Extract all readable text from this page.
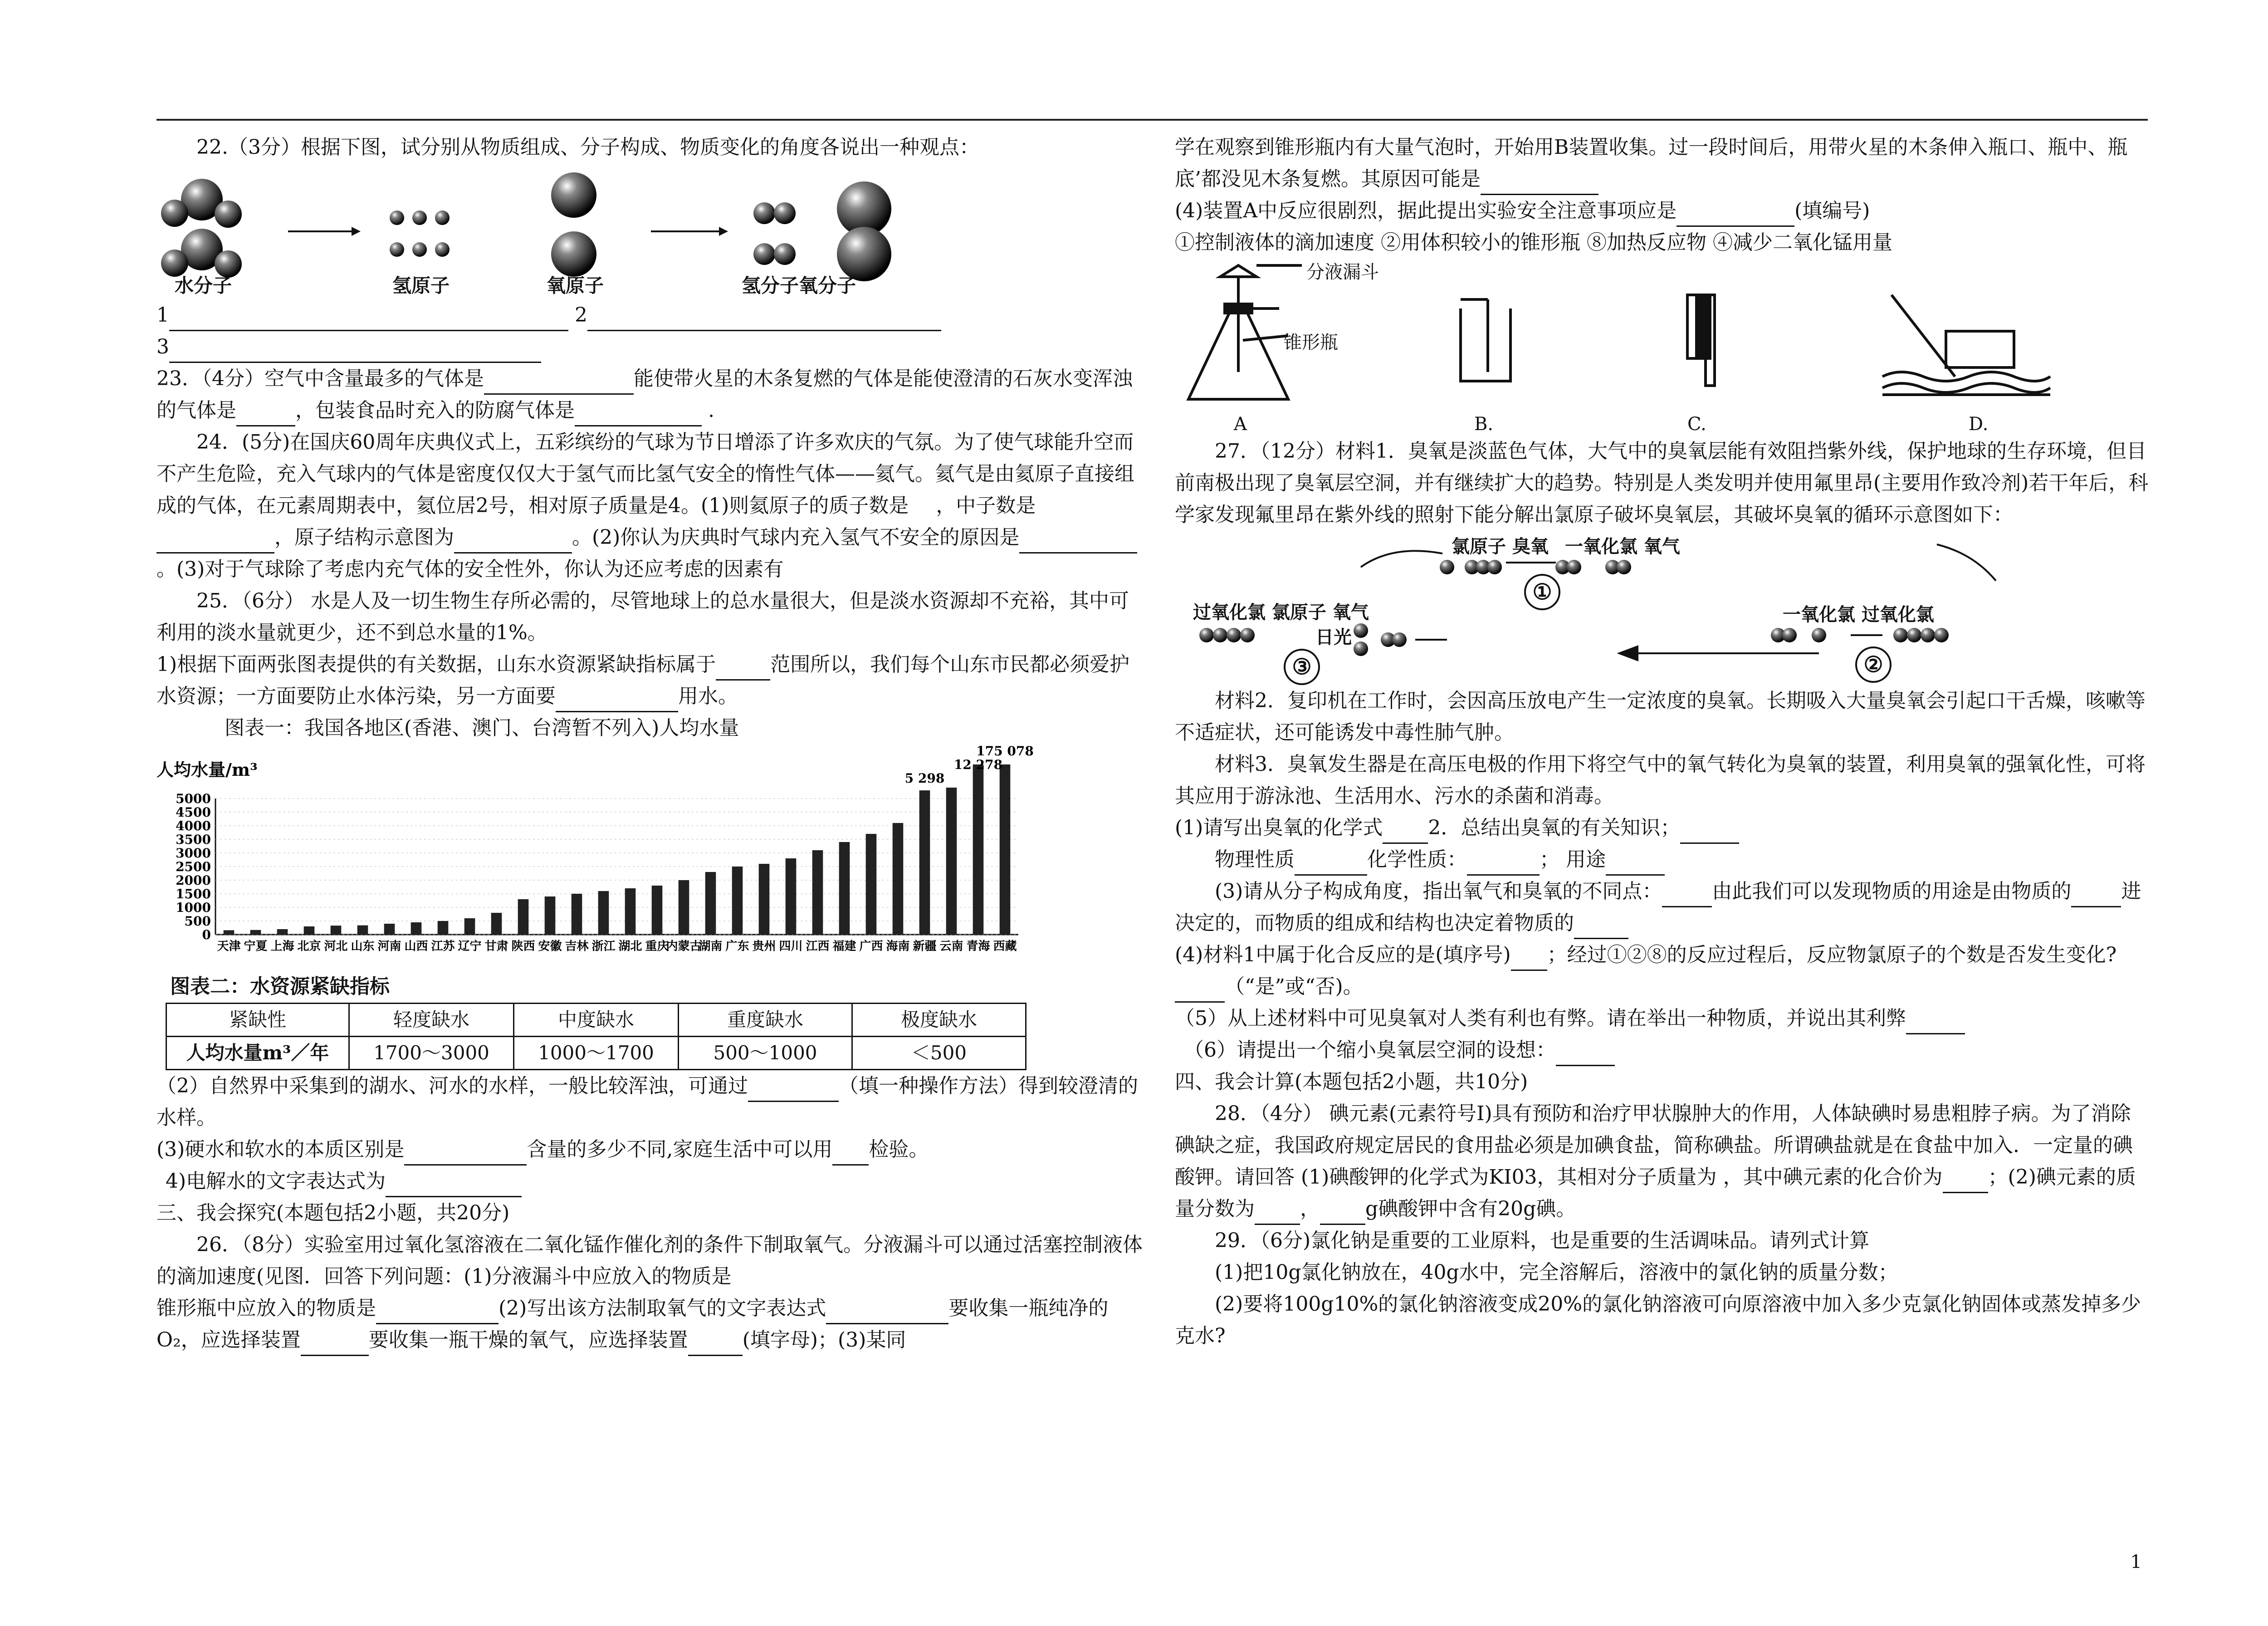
22.（3分）根据下图，试分别从物质组成、分子构成、物质变化的角度各说出一种观点：

水分子	氢原子	氧原子	氢分子氧分子

1	2

3

23．（4分）空气中含量最多的气体是	能使带火星的木条复燃的气体是能使澄清的石灰水变浑浊的气体是	，包装食品时充入的防腐气体是	.

24．(5分)在国庆60周年庆典仪式上，五彩缤纷的气球为节日增添了许多欢庆的气氛。为了使气球能升空而不产生危险，充入气球内的气体是密度仅仅大于氢气而比氢气安全的惰性气体——氦气。氦气是由氦原子直接组成的气体，在元素周期表中，氦位居2号，相对原子质量是4。(1)则氦原子的质子数是 ，中子数是，原子结构示意图为	。(2)你认为庆典时气球内充入氢气不安全的原因是。(3)对于气球除了考虑内充气体的安全性外，你认为还应考虑的因素有

25．（6分） 水是人及一切生物生存所必需的，尽管地球上的总水量很大，但是淡水资源却不充裕，其中可利用的淡水量就更少，还不到总水量的1%。

1)根据下面两张图表提供的有关数据，山东水资源紧缺指标属于	范围所以，我们每个山东市民都必须爱护水资源；一方面要防止水体污染，另一方面要	用水。

图表一：我国各地区(香港、澳门、台湾暂不列入)人均水量

人均水量/m³
0
500
1000
1500
2000
2500
3000
3500
4000
4500
5000
天津 宁夏 上海 北京 河北 山东 河南 山西 江苏 辽宁 甘肃 陕西 安徽 吉林 浙江 湖北 重庆
内蒙古
湖南 广东 贵州 四川 江西 福建 广西 海南 新疆 云南 青海 西藏
175 078
12 278
5 298

图表二：水资源紧缺指标

紧缺性	轻度缺水	中度缺水	重度缺水	极度缺水
人均水量m³／年	1700～3000	1000～1700	500～1000	＜500

（2）自然界中采集到的湖水、河水的水样，一般比较浑浊，可通过	（填一种操作方法）得到较澄清的水样。

(3)硬水和软水的本质区别是	含量的多少不同,家庭生活中可以用 检验。

4)电解水的文字表达式为

三、我会探究(本题包括2小题，共20分)

26．（8分）实验室用过氧化氢溶液在二氧化锰作催化剂的条件下制取氧气。分液漏斗可以通过活塞控制液体的滴加速度(见图．回答下列问题：(1)分液漏斗中应放入的物质是

锥形瓶中应放入的物质是	(2)写出该方法制取氧气的文字表达式	要收集一瓶纯净的O₂，应选择装置	要收集一瓶干燥的氧气，应选择装置	(填字母)；(3)某同

学在观察到锥形瓶内有大量气泡时，开始用B装置收集。过一段时间后，用带火星的木条伸入瓶口、瓶中、瓶底’都没见木条复燃。其原因可能是

(4)装置A中反应很剧烈，据此提出实验安全注意事项应是	(填编号)

①控制液体的滴加速度 ②用体积较小的锥形瓶 ⑧加热反应物 ④减少二氧化锰用量

分液漏斗
锥形瓶
A	B.	C.	D.

27．（12分）材料1．臭氧是淡蓝色气体，大气中的臭氧层能有效阻挡紫外线，保护地球的生存环境，但目前南极出现了臭氧层空洞，并有继续扩大的趋势。特别是人类发明并使用氟里昂(主要用作致冷剂)若干年后，科学家发现氟里昂在紫外线的照射下能分解出氯原子破坏臭氧层，其破坏臭氧的循环示意图如下：

氯原子 臭氧 一氧化氯 氧气
过氧化氯 氯原子 氧气
日光
一氧化氯 过氧化氯
①
②
③

材料2．复印机在工作时，会因高压放电产生一定浓度的臭氧。长期吸入大量臭氧会引起口干舌燥，咳嗽等不适症状，还可能诱发中毒性肺气肿。

材料3．臭氧发生器是在高压电极的作用下将空气中的氧气转化为臭氧的装置，利用臭氧的强氧化性，可将其应用于游泳池、生活用水、污水的杀菌和消毒。

(1)请写出臭氧的化学式 2．总结出臭氧的有关知识；

物理性质	化学性质：	； 用途

(3)请从分子构成角度，指出氧气和臭氧的不同点：	由此我们可以发现物质的用途是由物质的	进决定的，而物质的组成和结构也决定着物质的

(4)材料1中属于化合反应的是(填序号) ；经过①②⑧的反应过程后，反应物氯原子的个数是否发生变化?（“是”或“否)。

（5）从上述材料中可见臭氧对人类有利也有弊。请在举出一种物质，并说出其利弊

（6）请提出一个缩小臭氧层空洞的设想：

四、我会计算(本题包括2小题，共10分)

28．（4分） 碘元素(元素符号I)具有预防和治疗甲状腺肿大的作用，人体缺碘时易患粗脖子病。为了消除碘缺之症，我国政府规定居民的食用盐必须是加碘食盐，简称碘盐。所谓碘盐就是在食盐中加入．一定量的碘酸钾。请回答 (1)碘酸钾的化学式为KI03，其相对分子质量为 ，其中碘元素的化合价为 ；(2)碘元素的质量分数为 ， g碘酸钾中含有20g碘。

29．（6分)氯化钠是重要的工业原料，也是重要的生活调味品。请列式计算

(1)把10g氯化钠放在，40g水中，完全溶解后，溶液中的氯化钠的质量分数；

(2)要将100g10%的氯化钠溶液变成20%的氯化钠溶液可向原溶液中加入多少克氯化钠固体或蒸发掉多少克水?

1
